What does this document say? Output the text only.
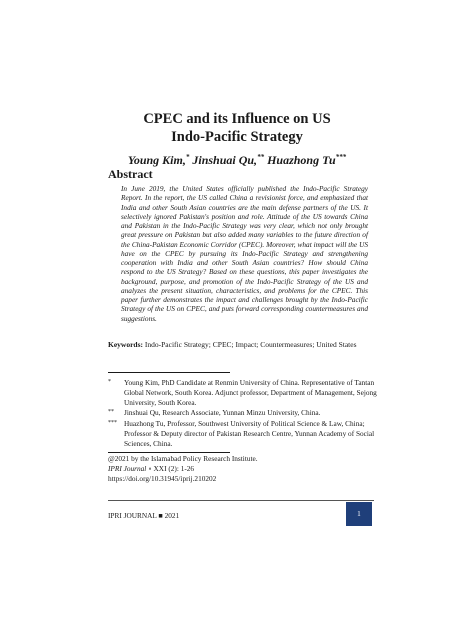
CPEC and its Influence on US
Indo-Pacific Strategy
Young Kim,* Jinshuai Qu,** Huazhong Tu***
Abstract
In June 2019, the United States officially published the Indo-Pacific Strategy Report. In the report, the US called China a revisionist force, and emphasized that India and other South Asian countries are the main defense partners of the US. It selectively ignored Pakistan's position and role. Attitude of the US towards China and Pakistan in the Indo-Pacific Strategy was very clear, which not only brought great pressure on Pakistan but also added many variables to the future direction of the China-Pakistan Economic Corridor (CPEC). Moreover, what impact will the US have on the CPEC by pursuing its Indo-Pacific Strategy and strengthening cooperation with India and other South Asian countries? How should China respond to the US Strategy? Based on these questions, this paper investigates the background, purpose, and promotion of the Indo-Pacific Strategy of the US and analyzes the present situation, characteristics, and problems for the CPEC. This paper further demonstrates the impact and challenges brought by the Indo-Pacific Strategy of the US on CPEC, and puts forward corresponding countermeasures and suggestions.
Keywords: Indo-Pacific Strategy; CPEC; Impact; Countermeasures; United States
* Young Kim, PhD Candidate at Renmin University of China. Representative of Tantan Global Network, South Korea. Adjunct professor, Department of Management, Sejong University, South Korea.
** Jinshuai Qu, Research Associate, Yunnan Minzu University, China.
*** Huazhong Tu, Professor, Southwest University of Political Science & Law, China; Professor & Deputy director of Pakistan Research Centre, Yunnan Academy of Social Sciences, China.
@2021 by the Islamabad Policy Research Institute.
IPRI Journal ∘ XXI (2): 1-26
https://doi.org/10.31945/iprij.210202
IPRI JOURNAL ■ 2021	1
